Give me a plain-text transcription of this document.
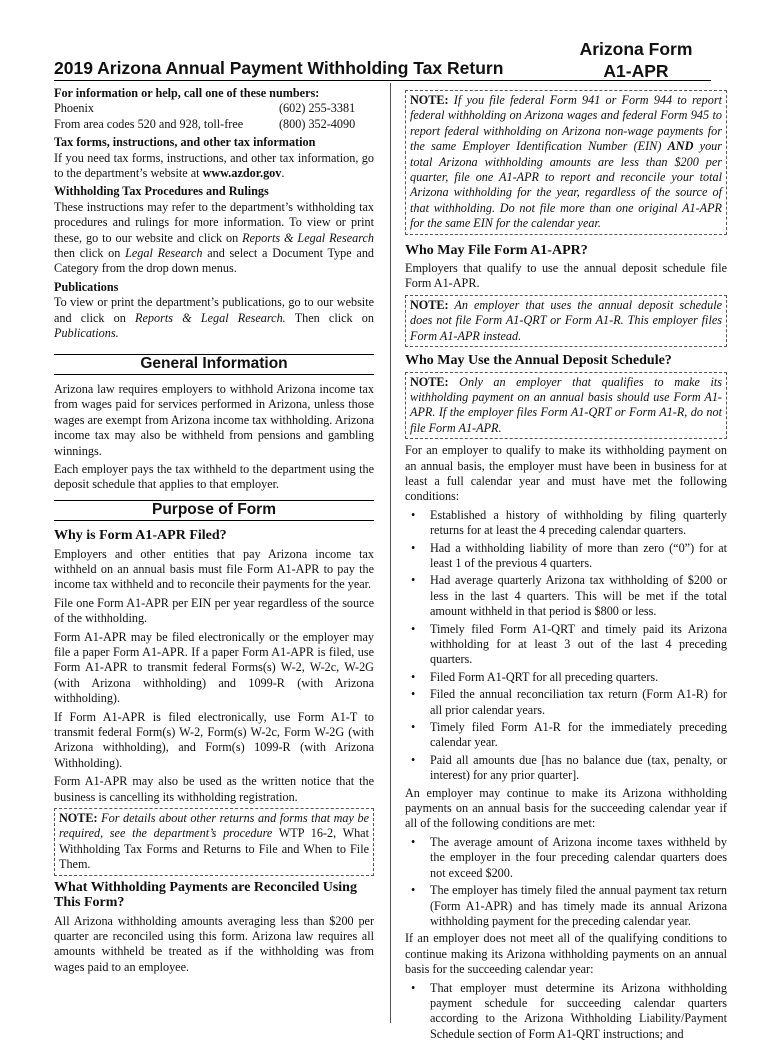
2019 Arizona Annual Payment Withholding Tax Return
Arizona Form
A1-APR

For information or help, call one of these numbers:

Phoenix	(602) 255-3381
From area codes 520 and 928, toll-free	(800) 352-4090

Tax forms, instructions, and other tax information

If you need tax forms, instructions, and other tax information, go to the department’s website at www.azdor.gov.

Withholding Tax Procedures and Rulings

These instructions may refer to the department’s withholding tax procedures and rulings for more information. To view or print these, go to our website and click on Reports & Legal Research then click on Legal Research and select a Document Type and Category from the drop down menus.

Publications

To view or print the department’s publications, go to our website and click on Reports & Legal Research. Then click on Publications.

General Information

Arizona law requires employers to withhold Arizona income tax from wages paid for services performed in Arizona, unless those wages are exempt from Arizona income tax withholding. Arizona income tax may also be withheld from pensions and gambling winnings.

Each employer pays the tax withheld to the department using the deposit schedule that applies to that employer.

Purpose of Form
Why is Form A1-APR Filed?

Employers and other entities that pay Arizona income tax withheld on an annual basis must file Form A1-APR to pay the income tax withheld and to reconcile their payments for the year.

File one Form A1-APR per EIN per year regardless of the source of the withholding.

Form A1-APR may be filed electronically or the employer may file a paper Form A1-APR. If a paper Form A1-APR is filed, use Form A1-APR to transmit federal Forms(s) W-2, W-2c, W-2G (with Arizona withholding) and 1099-R (with Arizona withholding).

If Form A1-APR is filed electronically, use Form A1-T to transmit federal Form(s) W-2, Form(s) W-2c, Form W-2G (with Arizona withholding), and Form(s) 1099-R (with Arizona Withholding).

Form A1-APR may also be used as the written notice that the business is cancelling its withholding registration.

NOTE: For details about other returns and forms that may be required, see the department’s procedure WTP 16-2, What Withholding Tax Forms and Returns to File and When to File Them.
What Withholding Payments are Reconciled Using This Form?

All Arizona withholding amounts averaging less than $200 per quarter are reconciled using this form. Arizona law requires all amounts withheld be treated as if the withholding was from wages paid to an employee.

NOTE: If you file federal Form 941 or Form 944 to report federal withholding on Arizona wages and federal Form 945 to report federal withholding on Arizona non-wage payments for the same Employer Identification Number (EIN) AND your total Arizona withholding amounts are less than $200 per quarter, file one A1-APR to report and reconcile your total Arizona withholding for the year, regardless of the source of that withholding. Do not file more than one original A1-APR for the same EIN for the calendar year.
Who May File Form A1-APR?

Employers that qualify to use the annual deposit schedule file Form A1-APR.

NOTE: An employer that uses the annual deposit schedule does not file Form A1-QRT or Form A1-R. This employer files Form A1-APR instead.
Who May Use the Annual Deposit Schedule?
NOTE: Only an employer that qualifies to make its withholding payment on an annual basis should use Form A1-APR. If the employer files Form A1-QRT or Form A1-R, do not file Form A1-APR.

For an employer to qualify to make its withholding payment on an annual basis, the employer must have been in business for at least a full calendar year and must have met the following conditions:

• Established a history of withholding by filing quarterly returns for at least the 4 preceding calendar quarters.
• Had a withholding liability of more than zero (“0”) for at least 1 of the previous 4 quarters.
• Had average quarterly Arizona tax withholding of $200 or less in the last 4 quarters. This will be met if the total amount withheld in that period is $800 or less.
• Timely filed Form A1-QRT and timely paid its Arizona withholding for at least 3 out of the last 4 preceding quarters.
• Filed Form A1-QRT for all preceding quarters.
• Filed the annual reconciliation tax return (Form A1-R) for all prior calendar years.
• Timely filed Form A1-R for the immediately preceding calendar year.
• Paid all amounts due [has no balance due (tax, penalty, or interest) for any prior quarter].

An employer may continue to make its Arizona withholding payments on an annual basis for the succeeding calendar year if all of the following conditions are met:

• The average amount of Arizona income taxes withheld by the employer in the four preceding calendar quarters does not exceed $200.
• The employer has timely filed the annual payment tax return (Form A1-APR) and has timely made its annual Arizona withholding payment for the preceding calendar year.

If an employer does not meet all of the qualifying conditions to continue making its Arizona withholding payments on an annual basis for the succeeding calendar year:

• That employer must determine its Arizona withholding payment schedule for succeeding calendar quarters according to the Arizona Withholding Liability/Payment Schedule section of Form A1-QRT instructions; and
